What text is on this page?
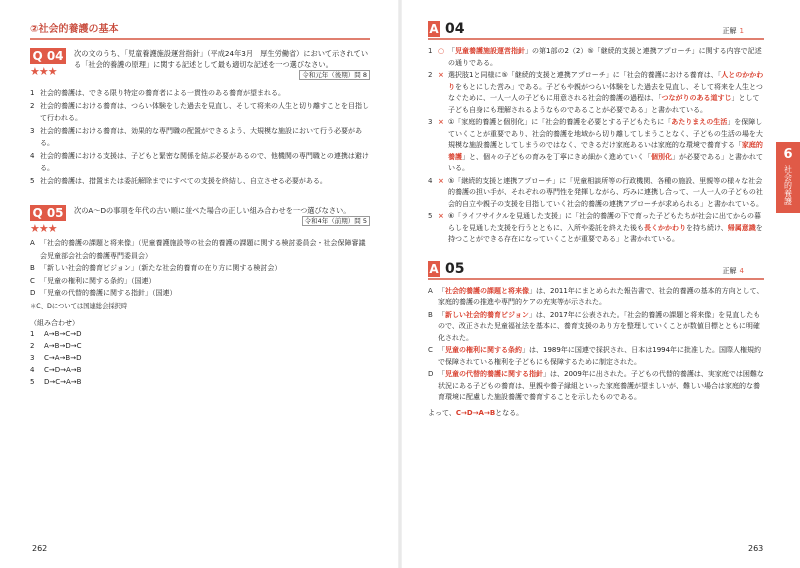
②社会的養護の基本
Q 04
★★★
次の文のうち、「児童養護施設運営指針」（平成24年3月　厚生労働省）において示されている「社会的養護の原理」に関する記述として最も適切な記述を一つ選びなさい。
令和元年（後期）問 8
1 社会的養護は、できる限り特定の養育者による一貫性のある養育が望まれる。
2 社会的養護における養育は、つらい体験をした過去を見直し、そして将来の人生と切り離すことを目指して行われる。
3 社会的養護における養育は、効果的な専門職の配置ができるよう、大規模な施設において行う必要がある。
4 社会的養護における支援は、子どもと緊密な関係を結ぶ必要があるので、他機関の専門職との連携は避ける。
5 社会的養護は、措置または委託解除までにすべての支援を終結し、自立させる必要がある。
Q 05
★★★
次のA～Dの事項を年代の古い順に並べた場合の正しい組み合わせを一つ選びなさい。
令和4年（前期）問 5
A 「社会的養護の課題と将来像」（児童養護施設等の社会的養護の課題に関する検討委員会・社会保障審議会児童部会社会的養護専門委員会）
B 「新しい社会的養育ビジョン」（新たな社会的養育の在り方に関する検討会）
C 「児童の権利に関する条約」（国連）
D 「児童の代替的養護に関する指針」（国連）
＊C、Dについては国連総会採択時
（組み合わせ）
1 A→B→C→D
2 A→B→D→C
3 C→A→B→D
4 C→D→A→B
5 D→C→A→B
262
A 04	正解 1
1 ○ 「児童養護施設運営指針」の第1部の2（2）⑤「継続的支援と連携アプローチ」に関する内容で記述の通りである。
2 × 選択肢1と同様に⑤「継続的支援と連携アプローチ」に「社会的養護における養育は、「人とのかかわりをもとにした営み」である。子どもや親がつらい体験をした過去を見直し、そして将来を人生とつなぐために、一人一人の子どもに用意される社会的養護の過程は、「つながりのある道すじ」として子ども自身にも理解されるようなものであることが必要である」と書かれている。
3 × ①「家庭的養護と個別化」に「社会的養護を必要とする子どもたちに「あたりまえの生活」を保障していくことが重要であり、社会的養護を地域から切り離してしまうことなく、子どもの生活の場を大規模な施設養護としてしまうのではなく、できるだけ家庭あるいは家庭的な環境で養育する「家庭的養護」と、個々の子どもの育みを丁寧にきめ細かく進めていく「個別化」が必要である」と書かれている。
4 × ⑤「継続的支援と連携アプローチ」に「児童相談所等の行政機関、各種の施設、里親等の様々な社会的養護の担い手が、それぞれの専門性を発揮しながら、巧みに連携し合って、一人一人の子どもの社会的自立や親子の支援を目指していく社会的養護の連携アプローチが求められる」と書かれている。
5 × ⑥「ライフサイクルを見通した支援」に「社会的養護の下で育った子どもたちが社会に出てからの暮らしを見通した支援を行うとともに、入所や委託を終えた後も長くかかわりを持ち続け、帰属意識を持つことができる存在になっていくことが重要である」と書かれている。
A 05	正解 4
A 「社会的養護の課題と将来像」は、2011年にまとめられた報告書で、社会的養護の基本的方向として、家庭的養護の推進や専門的ケアの充実等が示された。
B 「新しい社会的養育ビジョン」は、2017年に公表された。「社会的養護の課題と将来像」を見直したもので、改正された児童福祉法を基本に、養育支援のあり方を整理していくことが数値目標とともに明確化された。
C 「児童の権利に関する条約」は、1989年に国連で採択され、日本は1994年に批准した。国際人権規約で保障されている権利を子どもにも保障するために制定された。
D 「児童の代替的養護に関する指針」は、2009年に出された。子どもの代替的養護は、実家庭では困難な状況にある子どもの養育は、里親や養子縁組といった家庭養護が望ましいが、難しい場合は家庭的な養育環境に配慮した施設養護で養育することを示したものである。
よって、C→D→A→Bとなる。
6
社会的養護
263
